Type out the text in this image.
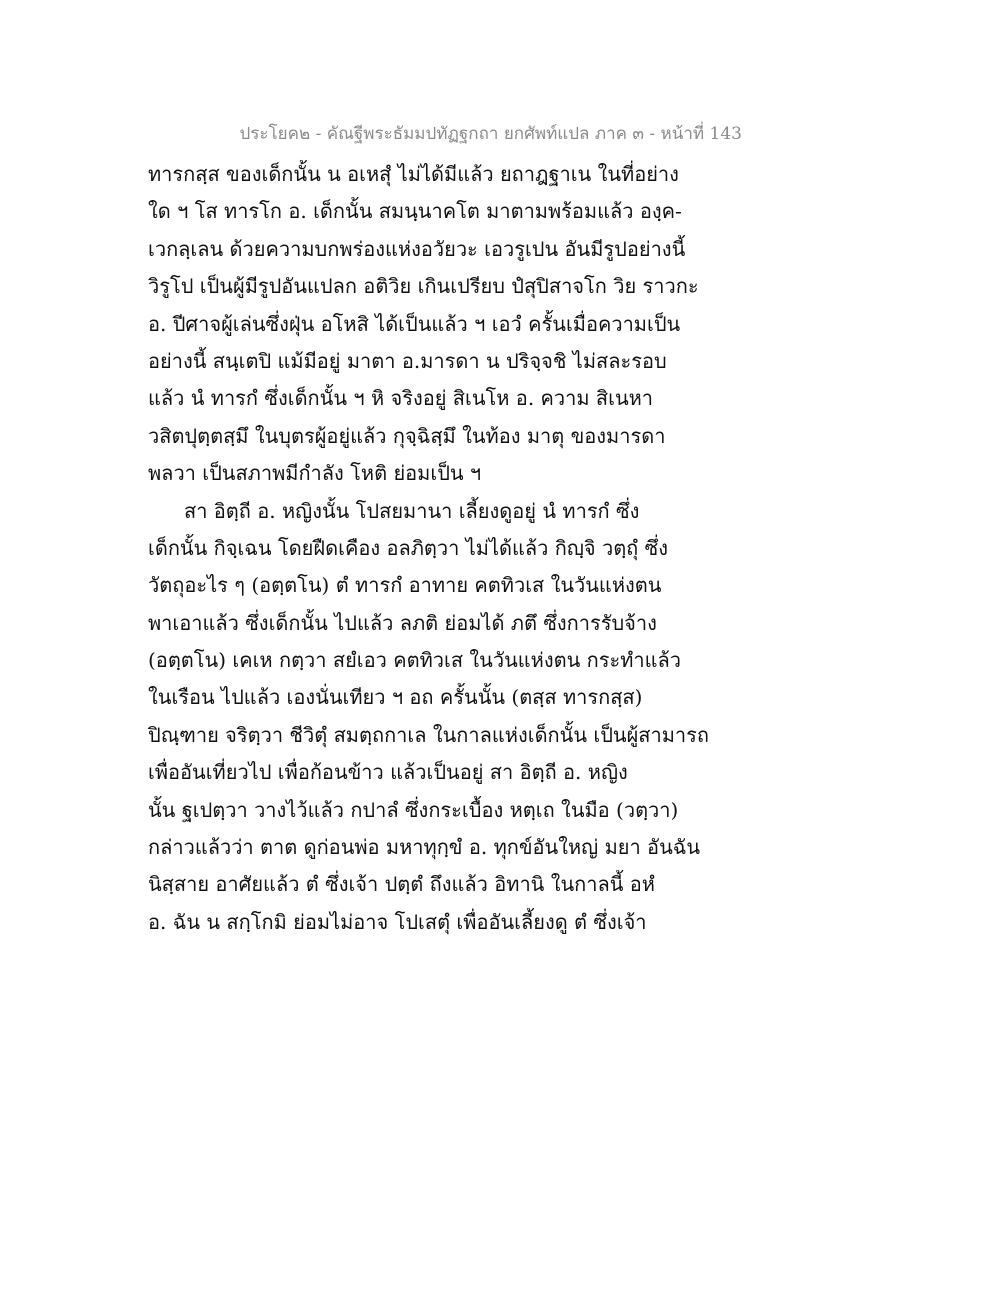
ประโยค๒ - คัณฐีพระธัมมปทัฏฐกถา ยกศัพท์แปล ภาค ๓ - หน้าที่ 143
ทารกสฺส ของเด็กนั้น น อเหสุํ ไม่ได้มีแล้ว ยถาฎฐาเน ในที่อย่าง
ใด ฯ โส ทารโก อ. เด็กนั้น สมนฺนาคโต มาตามพร้อมแล้ว องฺค-
เวกลฺเลน ด้วยความบกพร่องแห่งอวัยวะ เอวรูเปน อันมีรูปอย่างนี้
วิรูโป เป็นผู้มีรูปอันแปลก อติวิย เกินเปรียบ ปํสุปิสาจโก วิย ราวกะ
อ. ปีศาจผู้เล่นซึ่งฝุ่น อโหสิ ได้เป็นแล้ว ฯ เอวํ ครั้นเมื่อความเป็น
อย่างนี้ สนฺเตปิ แม้มีอยู่ มาตา อ.มารดา น ปริจฺจชิ ไม่สละรอบ
แล้ว นํ ทารกํ ซึ่งเด็กนั้น ฯ หิ จริงอยู่ สิเนโห อ. ความ สิเนหา
วสิตปุตฺตสฺมึ ในบุตรผู้อยู่แล้ว กุจฺฉิสฺมึ ในท้อง มาตุ ของมารดา
พลวา เป็นสภาพมีกำลัง โหติ ย่อมเป็น ฯ
สา อิตฺถี อ. หญิงนั้น โปสยมานา เลี้ยงดูอยู่ นํ ทารกํ ซึ่ง
เด็กนั้น กิจฺเฉน โดยฝืดเคือง อลภิตฺวา ไม่ได้แล้ว กิญฺจิ วตฺถุํ ซึ่ง
วัตถุอะไร ๆ (อตฺตโน) ตํ ทารกํ อาทาย คตทิวเส ในวันแห่งตน
พาเอาแล้ว ซึ่งเด็กนั้น ไปแล้ว ลภติ ย่อมได้ ภตึ ซึ่งการรับจ้าง
(อตฺตโน) เคเห กตฺวา สยํเอว คตทิวเส ในวันแห่งตน กระทำแล้ว
ในเรือน ไปแล้ว เองนั่นเทียว ฯ อถ ครั้นนั้น (ตสฺส ทารกสฺส)
ปิณฺฑาย จริตฺวา ชีวิตุํ สมตฺถกาเล ในกาลแห่งเด็กนั้น เป็นผู้สามารถ
เพื่ออันเที่ยวไป เพื่อก้อนข้าว แล้วเป็นอยู่ สา อิตฺถี อ. หญิง
นั้น ฐเปตฺวา วางไว้แล้ว กปาลํ ซึ่งกระเบื้อง หตฺเถ ในมือ (วตฺวา)
กล่าวแล้วว่า ตาต ดูก่อนพ่อ มหาทุกฺขํ อ. ทุกข์อันใหญ่ มยา อันฉัน
นิสฺสาย อาศัยแล้ว ตํ ซึ่งเจ้า ปตฺตํ ถึงแล้ว อิทานิ ในกาลนี้ อหํ
อ. ฉัน น สกฺโกมิ ย่อมไม่อาจ โปเสตุํ เพื่ออันเลี้ยงดู ตํ ซึ่งเจ้า
